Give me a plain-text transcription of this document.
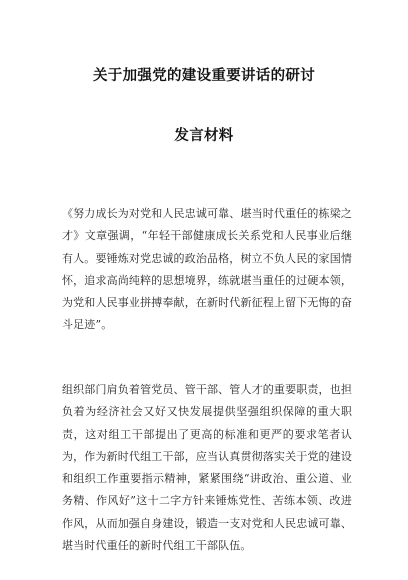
关于加强党的建设重要讲话的研讨
发言材料

《努力成长为对党和人民忠诚可靠、堪当时代重任的栋梁之才》文章强调，“年轻干部健康成长关系党和人民事业后继有人。要锤炼对党忠诚的政治品格，树立不负人民的家国情怀，追求高尚纯粹的思想境界，练就堪当重任的过硬本领，为党和人民事业拼搏奉献，在新时代新征程上留下无悔的奋斗足迹”。

组织部门肩负着管党员、管干部、管人才的重要职责，也担负着为经济社会又好又快发展提供坚强组织保障的重大职责，这对组工干部提出了更高的标准和更严的要求笔者认为，作为新时代组工干部，应当认真贯彻落实关于党的建设和组织工作重要指示精神，紧紧围绕“讲政治、重公道、业务精、作风好”这十二字方针来锤炼党性、苦练本领、改进作风，从而加强自身建设，锻造一支对党和人民忠诚可靠、堪当时代重任的新时代组工干部队伍。
